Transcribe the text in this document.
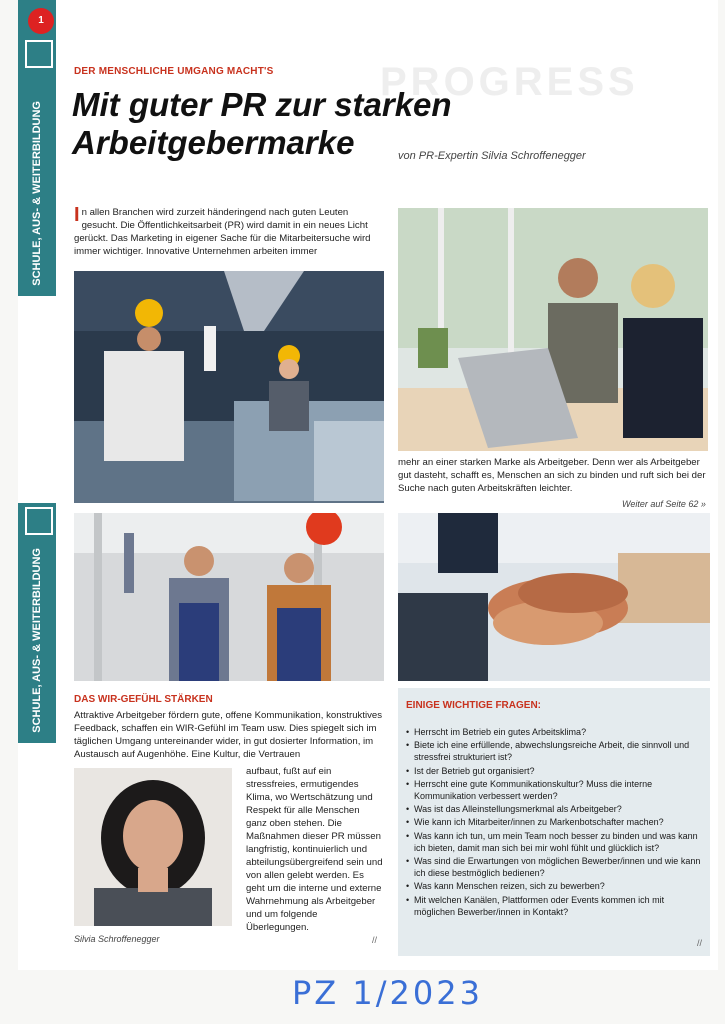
SCHULE, AUS- & WEITERBILDUNG
1
SCHULE, AUS- & WEITERBILDUNG
PROGRESS
DER MENSCHLICHE UMGANG MACHT'S
Mit guter PR zur starken
Arbeitgebermarke	von PR-Expertin Silvia Schroffenegger
In allen Branchen wird zurzeit händeringend nach guten Leuten gesucht. Die Öffentlichkeitsarbeit (PR) wird damit in ein neues Licht gerückt. Das Marketing in eigener Sache für die Mitarbeitersuche wird immer wichtiger. Innovative Unternehmen arbeiten immer
mehr an einer starken Marke als Arbeitgeber. Denn wer als Arbeitgeber gut dasteht, schafft es, Menschen an sich zu binden und ruft sich bei der Suche nach guten Arbeitskräften leichter.
Weiter auf Seite 62 »
DAS WIR-GEFÜHL STÄRKEN
Attraktive Arbeitgeber fördern gute, offene Kommunikation, konstruktives Feedback, schaffen ein WIR-Gefühl im Team usw. Dies spiegelt sich im täglichen Umgang untereinander wider, in gut dosierter Information, im Austausch auf Augenhöhe. Eine Kultur, die Vertrauen
Silvia Schroffenegger
aufbaut, fußt auf ein stressfreies, ermutigendes Klima, wo Wertschätzung und Respekt für alle Menschen ganz oben stehen. Die Maßnahmen dieser PR müssen langfristig, kontinuierlich und abteilungsübergreifend sein und von allen gelebt werden. Es geht um die interne und externe Wahrnehmung als Arbeitgeber und um folgende Überlegungen.
//
EINIGE WICHTIGE FRAGEN:
• Herrscht im Betrieb ein gutes Arbeitsklima?
• Biete ich eine erfüllende, abwechslungsreiche Arbeit, die sinnvoll und stressfrei strukturiert ist?
• Ist der Betrieb gut organisiert?
• Herrscht eine gute Kommunikationskultur? Muss die interne Kommunikation verbessert werden?
• Was ist das Alleinstellungsmerkmal als Arbeitgeber?
• Wie kann ich Mitarbeiter/innen zu Markenbotschafter machen?
• Was kann ich tun, um mein Team noch besser zu binden und was kann ich bieten, damit man sich bei mir wohl fühlt und glücklich ist?
• Was sind die Erwartungen von möglichen Bewerber/innen und wie kann ich diese bestmöglich bedienen?
• Was kann Menschen reizen, sich zu bewerben?
• Mit welchen Kanälen, Plattformen oder Events kommen ich mit möglichen Bewerber/innen in Kontakt?
//
PZ 1/2023
